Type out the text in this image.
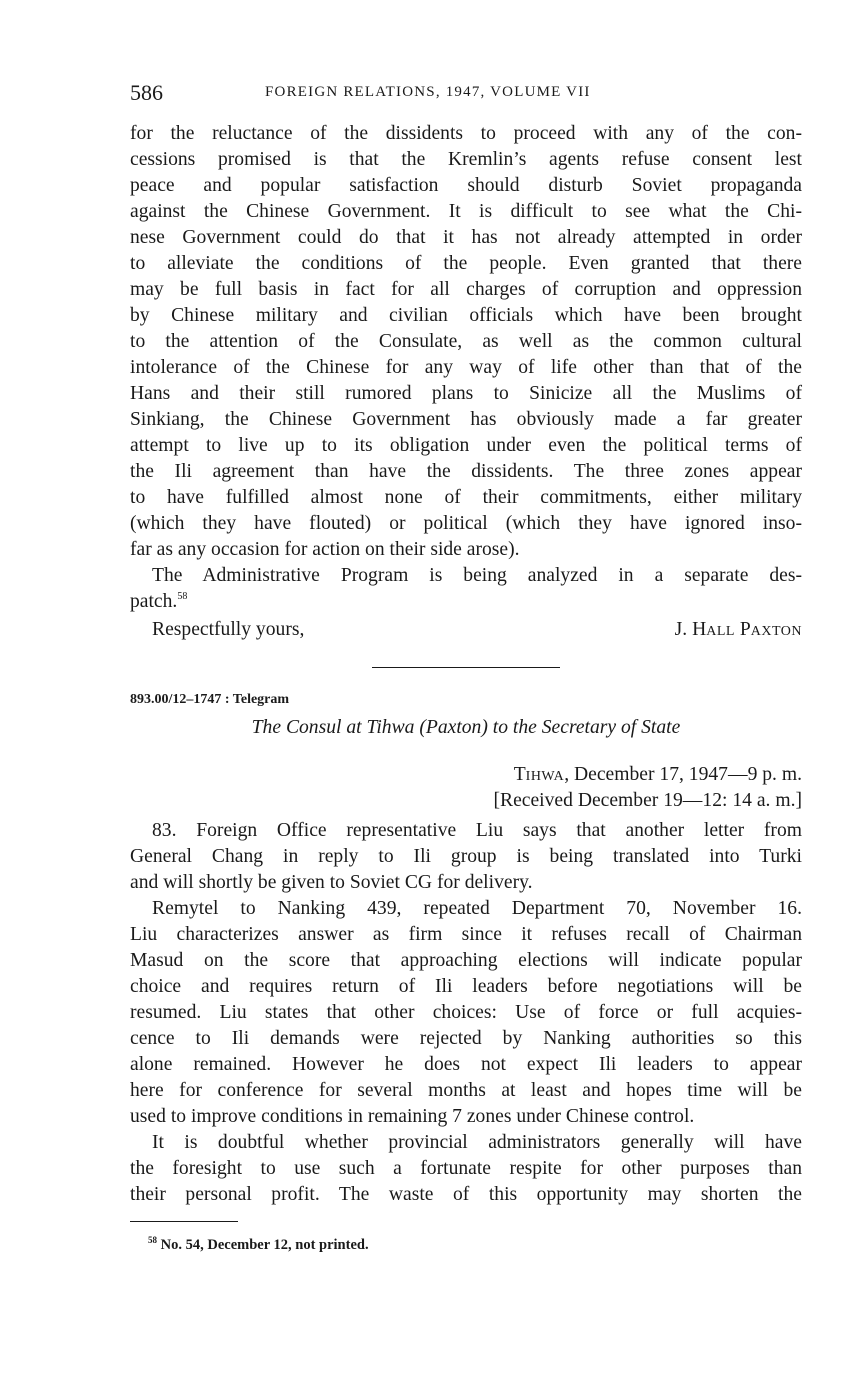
586	FOREIGN RELATIONS, 1947, VOLUME VII
for the reluctance of the dissidents to proceed with any of the con-
cessions promised is that the Kremlin’s agents refuse consent lest
peace and popular satisfaction should disturb Soviet propaganda
against the Chinese Government. It is difficult to see what the Chi-
nese Government could do that it has not already attempted in order
to alleviate the conditions of the people. Even granted that there
may be full basis in fact for all charges of corruption and oppression
by Chinese military and civilian officials which have been brought
to the attention of the Consulate, as well as the common cultural
intolerance of the Chinese for any way of life other than that of the
Hans and their still rumored plans to Sinicize all the Muslims of
Sinkiang, the Chinese Government has obviously made a far greater
attempt to live up to its obligation under even the political terms of
the Ili agreement than have the dissidents. The three zones appear
to have fulfilled almost none of their commitments, either military
(which they have flouted) or political (which they have ignored inso-
far as any occasion for action on their side arose).
The Administrative Program is being analyzed in a separate des-
patch.$^{58}$
Respectfully yours,	J. HALL PAXTON
893.00/12–1747 : Telegram
The Consul at Tihwa (Paxton) to the Secretary of State
TIHWA, December 17, 1947—9 p. m.
[Received December 19—12: 14 a. m.]
83. Foreign Office representative Liu says that another letter from
General Chang in reply to Ili group is being translated into Turki
and will shortly be given to Soviet CG for delivery.
Remytel to Nanking 439, repeated Department 70, November 16.
Liu characterizes answer as firm since it refuses recall of Chairman
Masud on the score that approaching elections will indicate popular
choice and requires return of Ili leaders before negotiations will be
resumed. Liu states that other choices: Use of force or full acquies-
cence to Ili demands were rejected by Nanking authorities so this
alone remained. However he does not expect Ili leaders to appear
here for conference for several months at least and hopes time will be
used to improve conditions in remaining 7 zones under Chinese control.
It is doubtful whether provincial administrators generally will have
the foresight to use such a fortunate respite for other purposes than
their personal profit. The waste of this opportunity may shorten the
$^{58}$ No. 54, December 12, not printed.
